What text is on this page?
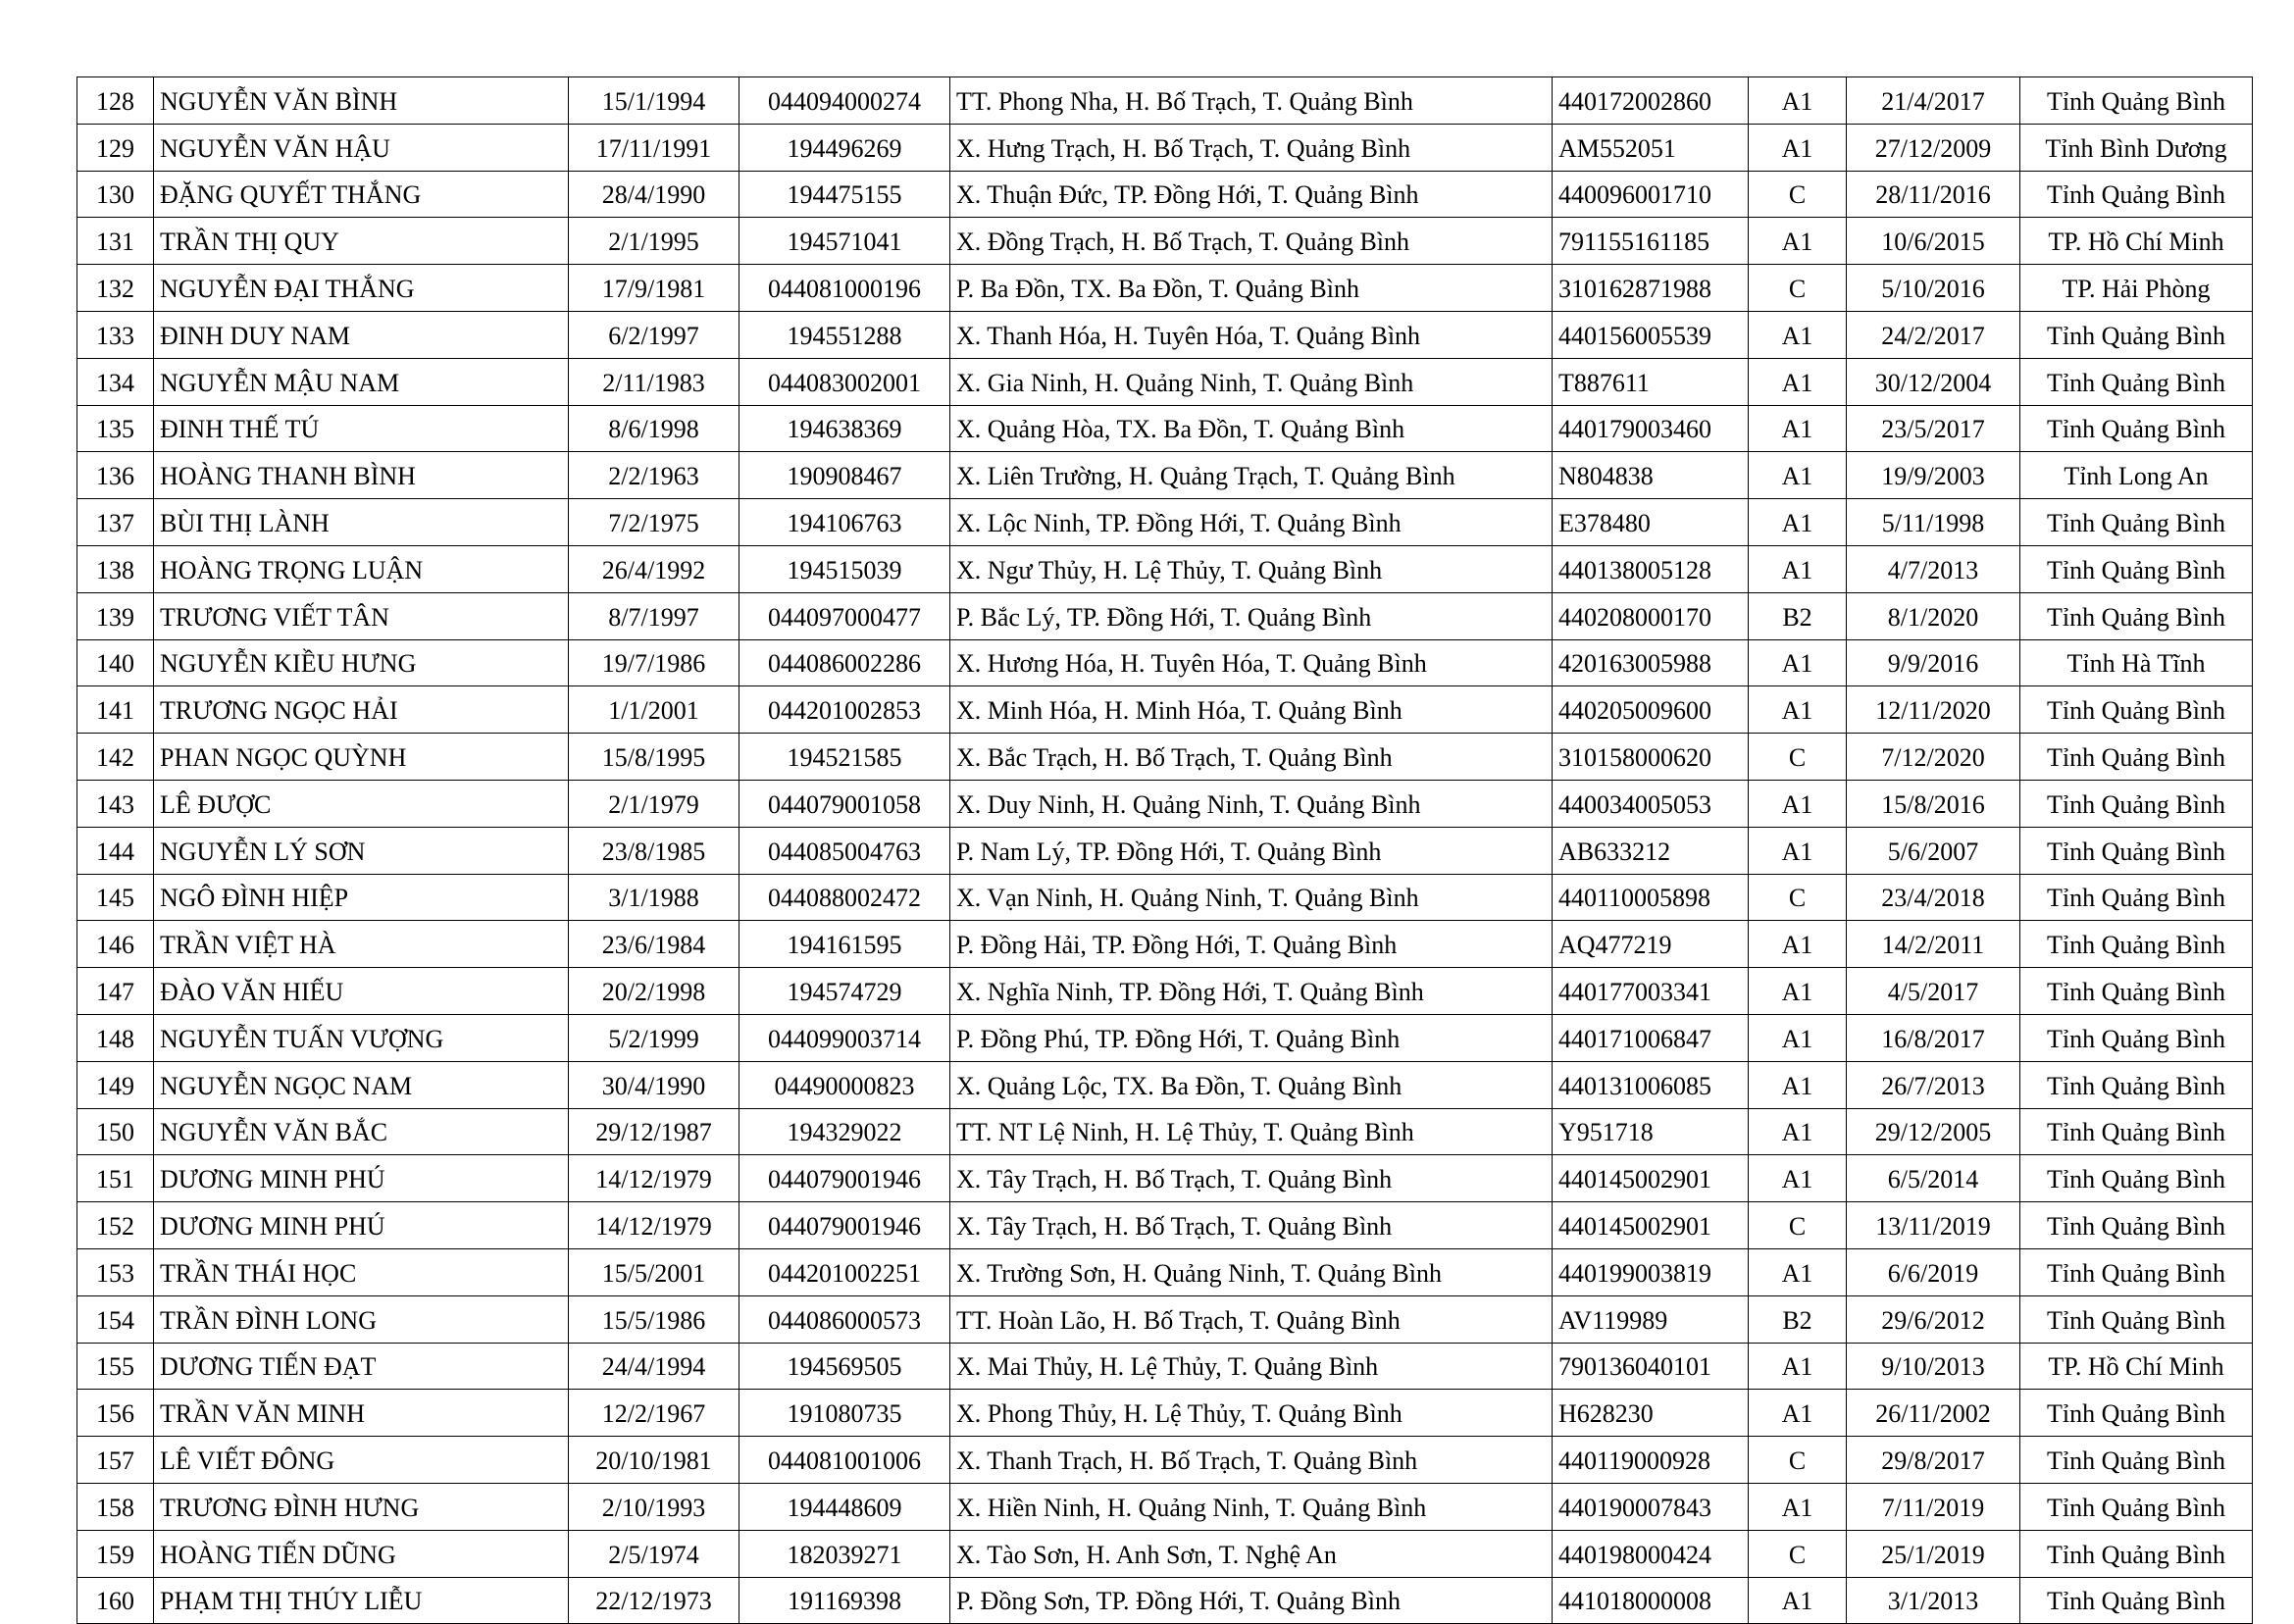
128	NGUYỄN VĂN BÌNH	15/1/1994	044094000274	TT. Phong Nha, H. Bố Trạch, T. Quảng Bình	440172002860	A1	21/4/2017	Tỉnh Quảng Bình
129	NGUYỄN VĂN HẬU	17/11/1991	194496269	X. Hưng Trạch, H. Bố Trạch, T. Quảng Bình	AM552051	A1	27/12/2009	Tỉnh Bình Dương
130	ĐẶNG QUYẾT THẮNG	28/4/1990	194475155	X. Thuận Đức, TP. Đồng Hới, T. Quảng Bình	440096001710	C	28/11/2016	Tỉnh Quảng Bình
131	TRẦN THỊ QUY	2/1/1995	194571041	X. Đồng Trạch, H. Bố Trạch, T. Quảng Bình	791155161185	A1	10/6/2015	TP. Hồ Chí Minh
132	NGUYỄN ĐẠI THẮNG	17/9/1981	044081000196	P. Ba Đồn, TX. Ba Đồn, T. Quảng Bình	310162871988	C	5/10/2016	TP. Hải Phòng
133	ĐINH DUY NAM	6/2/1997	194551288	X. Thanh Hóa, H. Tuyên Hóa, T. Quảng Bình	440156005539	A1	24/2/2017	Tỉnh Quảng Bình
134	NGUYỄN MẬU NAM	2/11/1983	044083002001	X. Gia Ninh, H. Quảng Ninh, T. Quảng Bình	T887611	A1	30/12/2004	Tỉnh Quảng Bình
135	ĐINH THẾ TÚ	8/6/1998	194638369	X. Quảng Hòa, TX. Ba Đồn, T. Quảng Bình	440179003460	A1	23/5/2017	Tỉnh Quảng Bình
136	HOÀNG THANH BÌNH	2/2/1963	190908467	X. Liên Trường, H. Quảng Trạch, T. Quảng Bình	N804838	A1	19/9/2003	Tỉnh Long An
137	BÙI THỊ LÀNH	7/2/1975	194106763	X. Lộc Ninh, TP. Đồng Hới, T. Quảng Bình	E378480	A1	5/11/1998	Tỉnh Quảng Bình
138	HOÀNG TRỌNG LUẬN	26/4/1992	194515039	X. Ngư Thủy, H. Lệ Thủy, T. Quảng Bình	440138005128	A1	4/7/2013	Tỉnh Quảng Bình
139	TRƯƠNG VIẾT TÂN	8/7/1997	044097000477	P. Bắc Lý, TP. Đồng Hới, T. Quảng Bình	440208000170	B2	8/1/2020	Tỉnh Quảng Bình
140	NGUYỄN KIỀU HƯNG	19/7/1986	044086002286	X. Hương Hóa, H. Tuyên Hóa, T. Quảng Bình	420163005988	A1	9/9/2016	Tỉnh Hà Tĩnh
141	TRƯƠNG NGỌC HẢI	1/1/2001	044201002853	X. Minh Hóa, H. Minh Hóa, T. Quảng Bình	440205009600	A1	12/11/2020	Tỉnh Quảng Bình
142	PHAN NGỌC QUỲNH	15/8/1995	194521585	X. Bắc Trạch, H. Bố Trạch, T. Quảng Bình	310158000620	C	7/12/2020	Tỉnh Quảng Bình
143	LÊ ĐƯỢC	2/1/1979	044079001058	X. Duy Ninh, H. Quảng Ninh, T. Quảng Bình	440034005053	A1	15/8/2016	Tỉnh Quảng Bình
144	NGUYỄN LÝ SƠN	23/8/1985	044085004763	P. Nam Lý, TP. Đồng Hới, T. Quảng Bình	AB633212	A1	5/6/2007	Tỉnh Quảng Bình
145	NGÔ ĐÌNH HIỆP	3/1/1988	044088002472	X. Vạn Ninh, H. Quảng Ninh, T. Quảng Bình	440110005898	C	23/4/2018	Tỉnh Quảng Bình
146	TRẦN VIỆT HÀ	23/6/1984	194161595	P. Đồng Hải, TP. Đồng Hới, T. Quảng Bình	AQ477219	A1	14/2/2011	Tỉnh Quảng Bình
147	ĐÀO VĂN HIẾU	20/2/1998	194574729	X. Nghĩa Ninh, TP. Đồng Hới, T. Quảng Bình	440177003341	A1	4/5/2017	Tỉnh Quảng Bình
148	NGUYỄN TUẤN VƯỢNG	5/2/1999	044099003714	P. Đồng Phú, TP. Đồng Hới, T. Quảng Bình	440171006847	A1	16/8/2017	Tỉnh Quảng Bình
149	NGUYỄN NGỌC NAM	30/4/1990	04490000823	X. Quảng Lộc, TX. Ba Đồn, T. Quảng Bình	440131006085	A1	26/7/2013	Tỉnh Quảng Bình
150	NGUYỄN VĂN BẮC	29/12/1987	194329022	TT. NT Lệ Ninh, H. Lệ Thủy, T. Quảng Bình	Y951718	A1	29/12/2005	Tỉnh Quảng Bình
151	DƯƠNG MINH PHÚ	14/12/1979	044079001946	X. Tây Trạch, H. Bố Trạch, T. Quảng Bình	440145002901	A1	6/5/2014	Tỉnh Quảng Bình
152	DƯƠNG MINH PHÚ	14/12/1979	044079001946	X. Tây Trạch, H. Bố Trạch, T. Quảng Bình	440145002901	C	13/11/2019	Tỉnh Quảng Bình
153	TRẦN THÁI HỌC	15/5/2001	044201002251	X. Trường Sơn, H. Quảng Ninh, T. Quảng Bình	440199003819	A1	6/6/2019	Tỉnh Quảng Bình
154	TRẦN ĐÌNH LONG	15/5/1986	044086000573	TT. Hoàn Lão, H. Bố Trạch, T. Quảng Bình	AV119989	B2	29/6/2012	Tỉnh Quảng Bình
155	DƯƠNG TIẾN ĐẠT	24/4/1994	194569505	X. Mai Thủy, H. Lệ Thủy, T. Quảng Bình	790136040101	A1	9/10/2013	TP. Hồ Chí Minh
156	TRẦN VĂN MINH	12/2/1967	191080735	X. Phong Thủy, H. Lệ Thủy, T. Quảng Bình	H628230	A1	26/11/2002	Tỉnh Quảng Bình
157	LÊ VIẾT ĐÔNG	20/10/1981	044081001006	X. Thanh Trạch, H. Bố Trạch, T. Quảng Bình	440119000928	C	29/8/2017	Tỉnh Quảng Bình
158	TRƯƠNG ĐÌNH HƯNG	2/10/1993	194448609	X. Hiền Ninh, H. Quảng Ninh, T. Quảng Bình	440190007843	A1	7/11/2019	Tỉnh Quảng Bình
159	HOÀNG TIẾN DŨNG	2/5/1974	182039271	X. Tào Sơn, H. Anh Sơn, T. Nghệ An	440198000424	C	25/1/2019	Tỉnh Quảng Bình
160	PHẠM THỊ THÚY LIỄU	22/12/1973	191169398	P. Đồng Sơn, TP. Đồng Hới, T. Quảng Bình	441018000008	A1	3/1/2013	Tỉnh Quảng Bình
